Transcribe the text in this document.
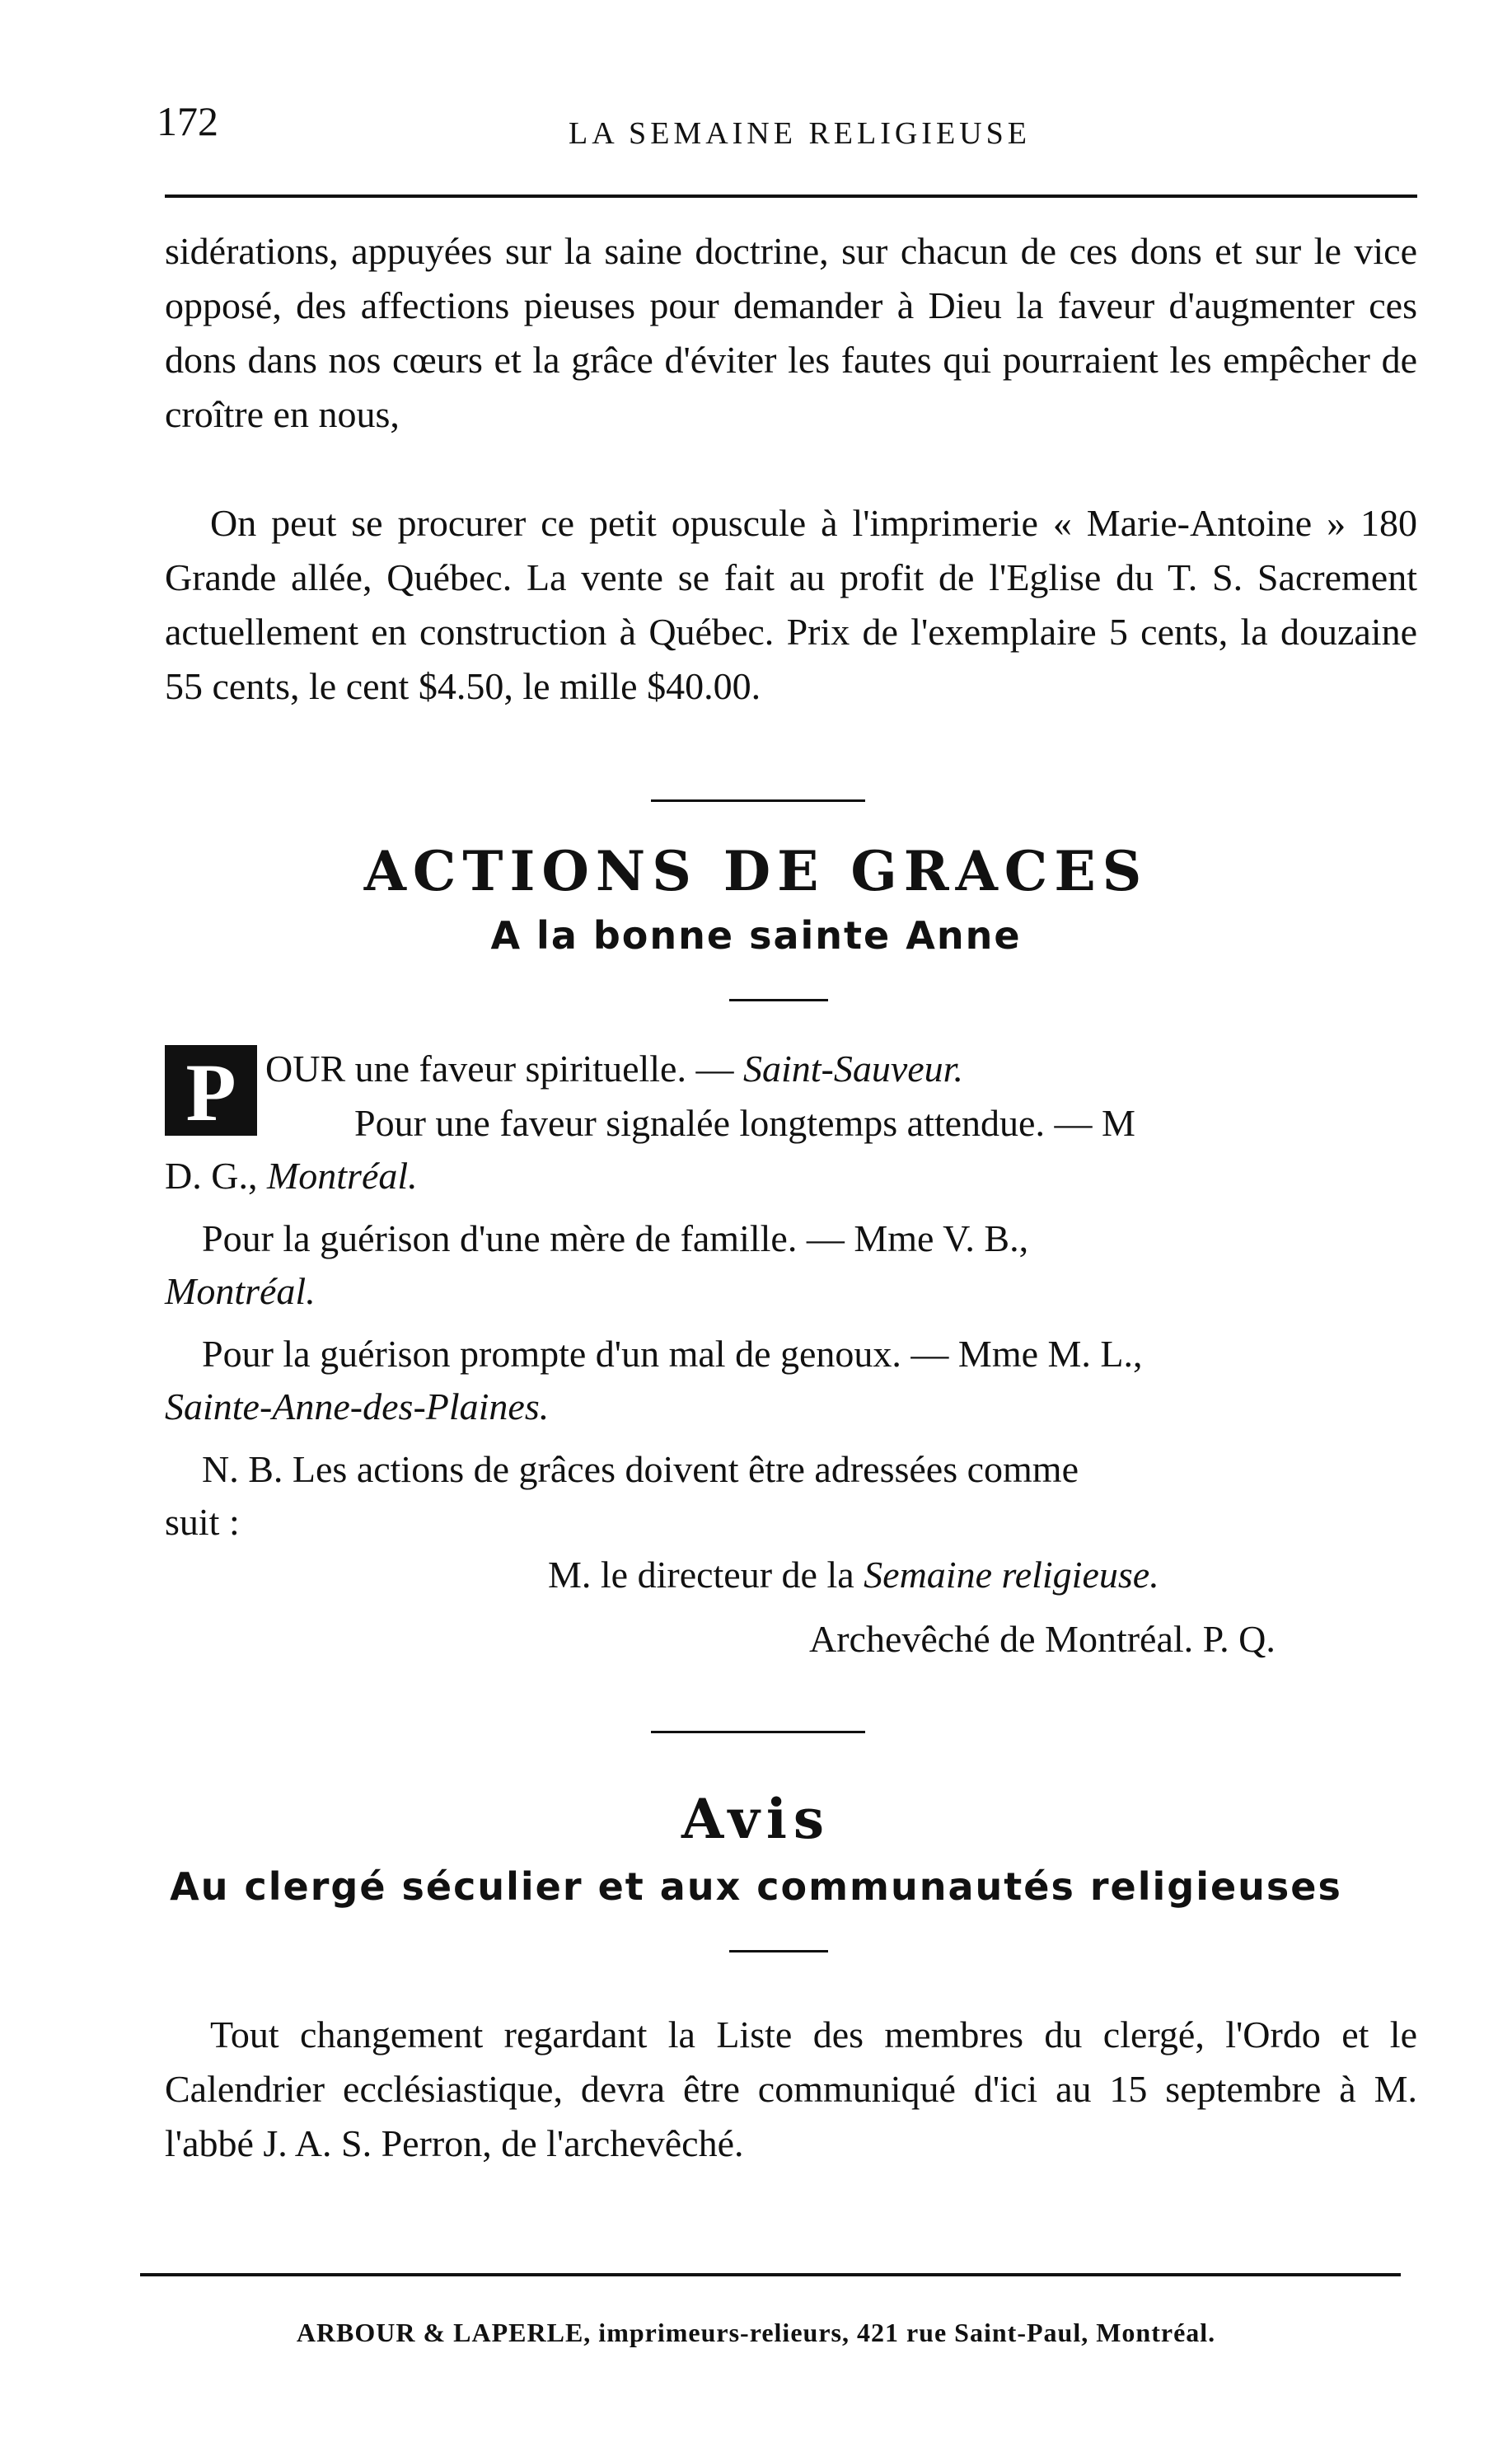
172	LA SEMAINE RELIGIEUSE

sidérations, appuyées sur la saine doctrine, sur chacun de ces dons et sur le vice opposé, des affections pieuses pour demander à Dieu la faveur d'augmenter ces dons dans nos cœurs et la grâce d'éviter les fautes qui pourraient les empêcher de croître en nous,

On peut se procurer ce petit opuscule à l'imprimerie « Marie-Antoine » 180 Grande allée, Québec. La vente se fait au profit de l'Eglise du T. S. Sacrement actuellement en construction à Québec. Prix de l'exemplaire 5 cents, la douzaine 55 cents, le cent $4.50, le mille $40.00.

ACTIONS DE GRACES
A la bonne sainte Anne
P OUR une faveur spirituelle. — Saint-Sauveur.
Pour une faveur signalée longtemps attendue. — M
D. G., Montréal.
Pour la guérison d'une mère de famille. — Mme V. B.,
Montréal.
Pour la guérison prompte d'un mal de genoux. — Mme M. L.,
Sainte-Anne-des-Plaines.
N. B. Les actions de grâces doivent être adressées comme
suit :
M. le directeur de la Semaine religieuse.
Archevêché de Montréal. P. Q.
Avis
Au clergé séculier et aux communautés religieuses

Tout changement regardant la Liste des membres du clergé, l'Ordo et le Calendrier ecclésiastique, devra être communiqué d'ici au 15 septembre à M. l'abbé J. A. S. Perron, de l'archevêché.

ARBOUR & LAPERLE, imprimeurs-relieurs, 421 rue Saint-Paul, Montréal.
